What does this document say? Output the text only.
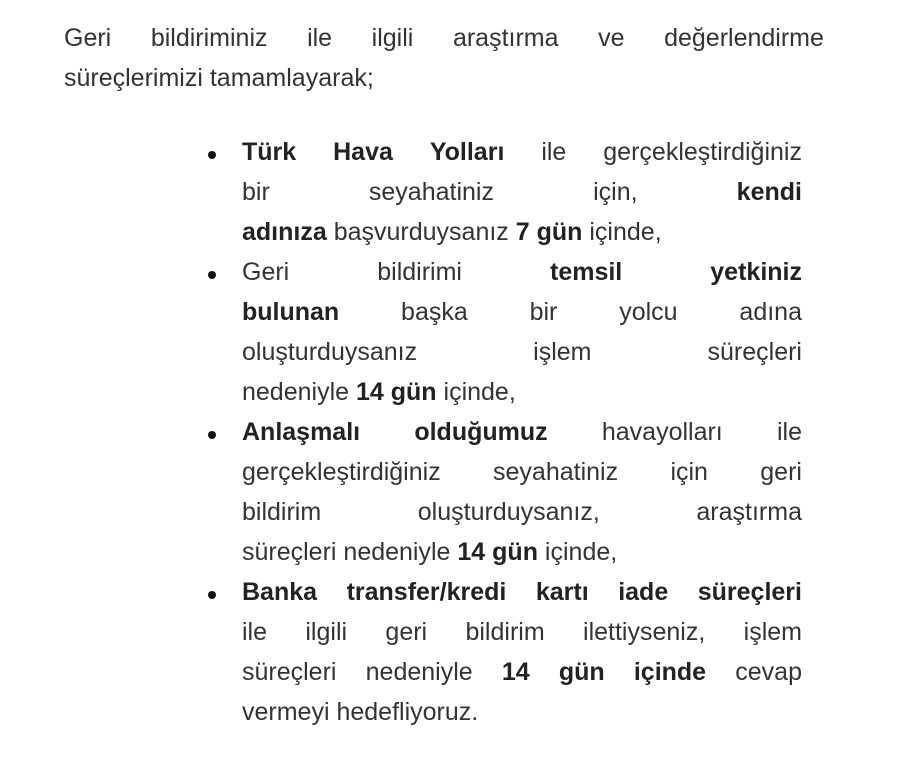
Geri bildiriminiz ile ilgili araştırma ve değerlendirme
süreçlerimizi tamamlayarak;
Türk Hava Yolları ile gerçekleştirdiğiniz
bir	seyahatiniz	için,	kendi
adınıza başvurduysanız 7 gün içinde,
Geri	bildirimi	temsil	yetkiniz
bulunan başka bir yolcu adına
oluşturduysanız	işlem	süreçleri
nedeniyle 14 gün içinde,
Anlaşmalı olduğumuz havayolları ile
gerçekleştirdiğiniz seyahatiniz için geri
bildirim	oluşturduysanız,	araştırma
süreçleri nedeniyle 14 gün içinde,
Banka transfer/kredi kartı iade süreçleri
ile ilgili geri bildirim ilettiyseniz, işlem
süreçleri nedeniyle 14 gün içinde cevap
vermeyi hedefliyoruz.
